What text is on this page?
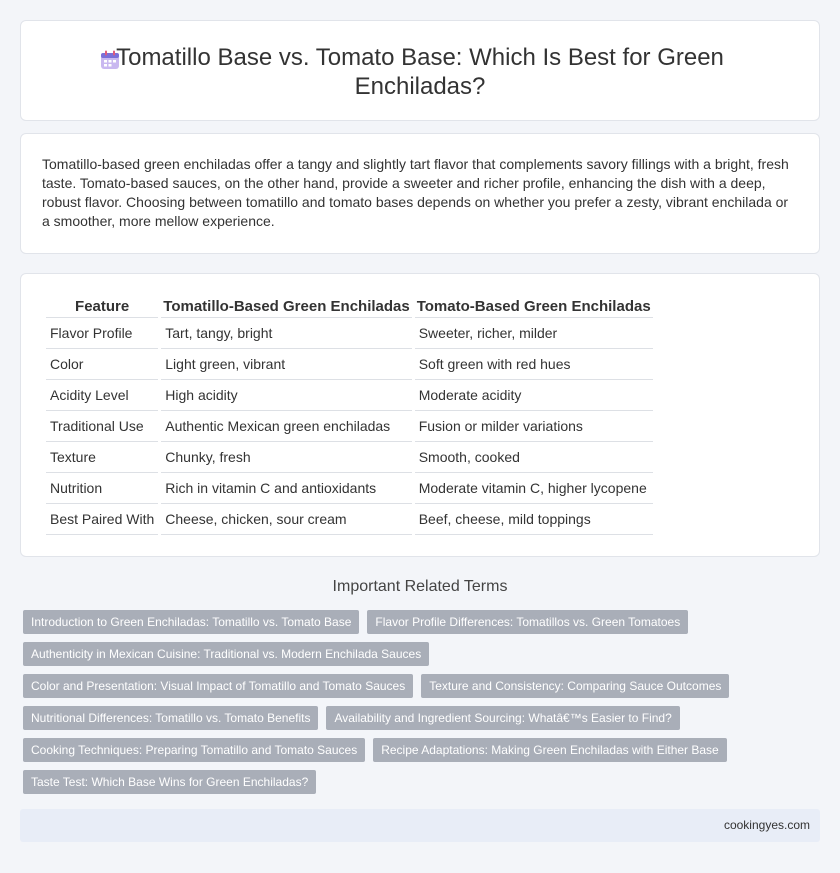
Tomatillo Base vs. Tomato Base: Which Is Best for Green Enchiladas?

Tomatillo-based green enchiladas offer a tangy and slightly tart flavor that complements savory fillings with a bright, fresh taste. Tomato-based sauces, on the other hand, provide a sweeter and richer profile, enhancing the dish with a deep, robust flavor. Choosing between tomatillo and tomato bases depends on whether you prefer a zesty, vibrant enchilada or a smoother, more mellow experience.

Feature	Tomatillo-Based Green Enchiladas	Tomato-Based Green Enchiladas
Flavor Profile	Tart, tangy, bright	Sweeter, richer, milder
Color	Light green, vibrant	Soft green with red hues
Acidity Level	High acidity	Moderate acidity
Traditional Use	Authentic Mexican green enchiladas	Fusion or milder variations
Texture	Chunky, fresh	Smooth, cooked
Nutrition	Rich in vitamin C and antioxidants	Moderate vitamin C, higher lycopene
Best Paired With	Cheese, chicken, sour cream	Beef, cheese, mild toppings
Important Related Terms
Introduction to Green Enchiladas: Tomatillo vs. Tomato Base	Flavor Profile Differences: Tomatillos vs. Green Tomatoes
Authenticity in Mexican Cuisine: Traditional vs. Modern Enchilada Sauces
Color and Presentation: Visual Impact of Tomatillo and Tomato Sauces	Texture and Consistency: Comparing Sauce Outcomes
Nutritional Differences: Tomatillo vs. Tomato Benefits	Availability and Ingredient Sourcing: Whatâ€™s Easier to Find?
Cooking Techniques: Preparing Tomatillo and Tomato Sauces	Recipe Adaptations: Making Green Enchiladas with Either Base
Taste Test: Which Base Wins for Green Enchiladas?
cookingyes.com
